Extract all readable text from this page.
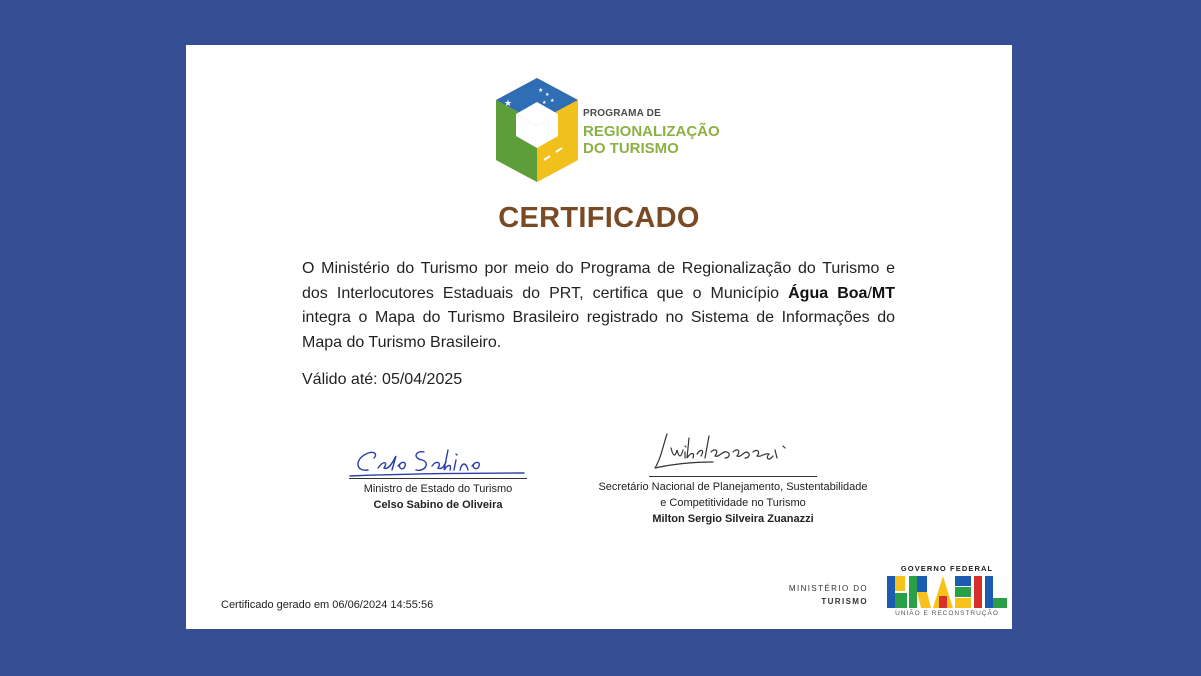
★
★
★
★
★
PROGRAMA DE
REGIONALIZAÇÃO
DO TURISMO
CERTIFICADO
O Ministério do Turismo por meio do Programa de Regionalização do Turismo e dos Interlocutores Estaduais do PRT, certifica que o Município Água Boa/MT integra o Mapa do Turismo Brasileiro registrado no Sistema de Informações do Mapa do Turismo Brasileiro.
Válido até: 05/04/2025
Ministro de Estado do Turismo
Celso Sabino de Oliveira
Secretário Nacional de Planejamento, Sustentabilidade
e Competitividade no Turismo
Milton Sergio Silveira Zuanazzi
Certificado gerado em 06/06/2024 14:55:56
MINISTÉRIO DO
TURISMO
GOVERNO FEDERAL
UNIÃO E RECONSTRUÇÃO
